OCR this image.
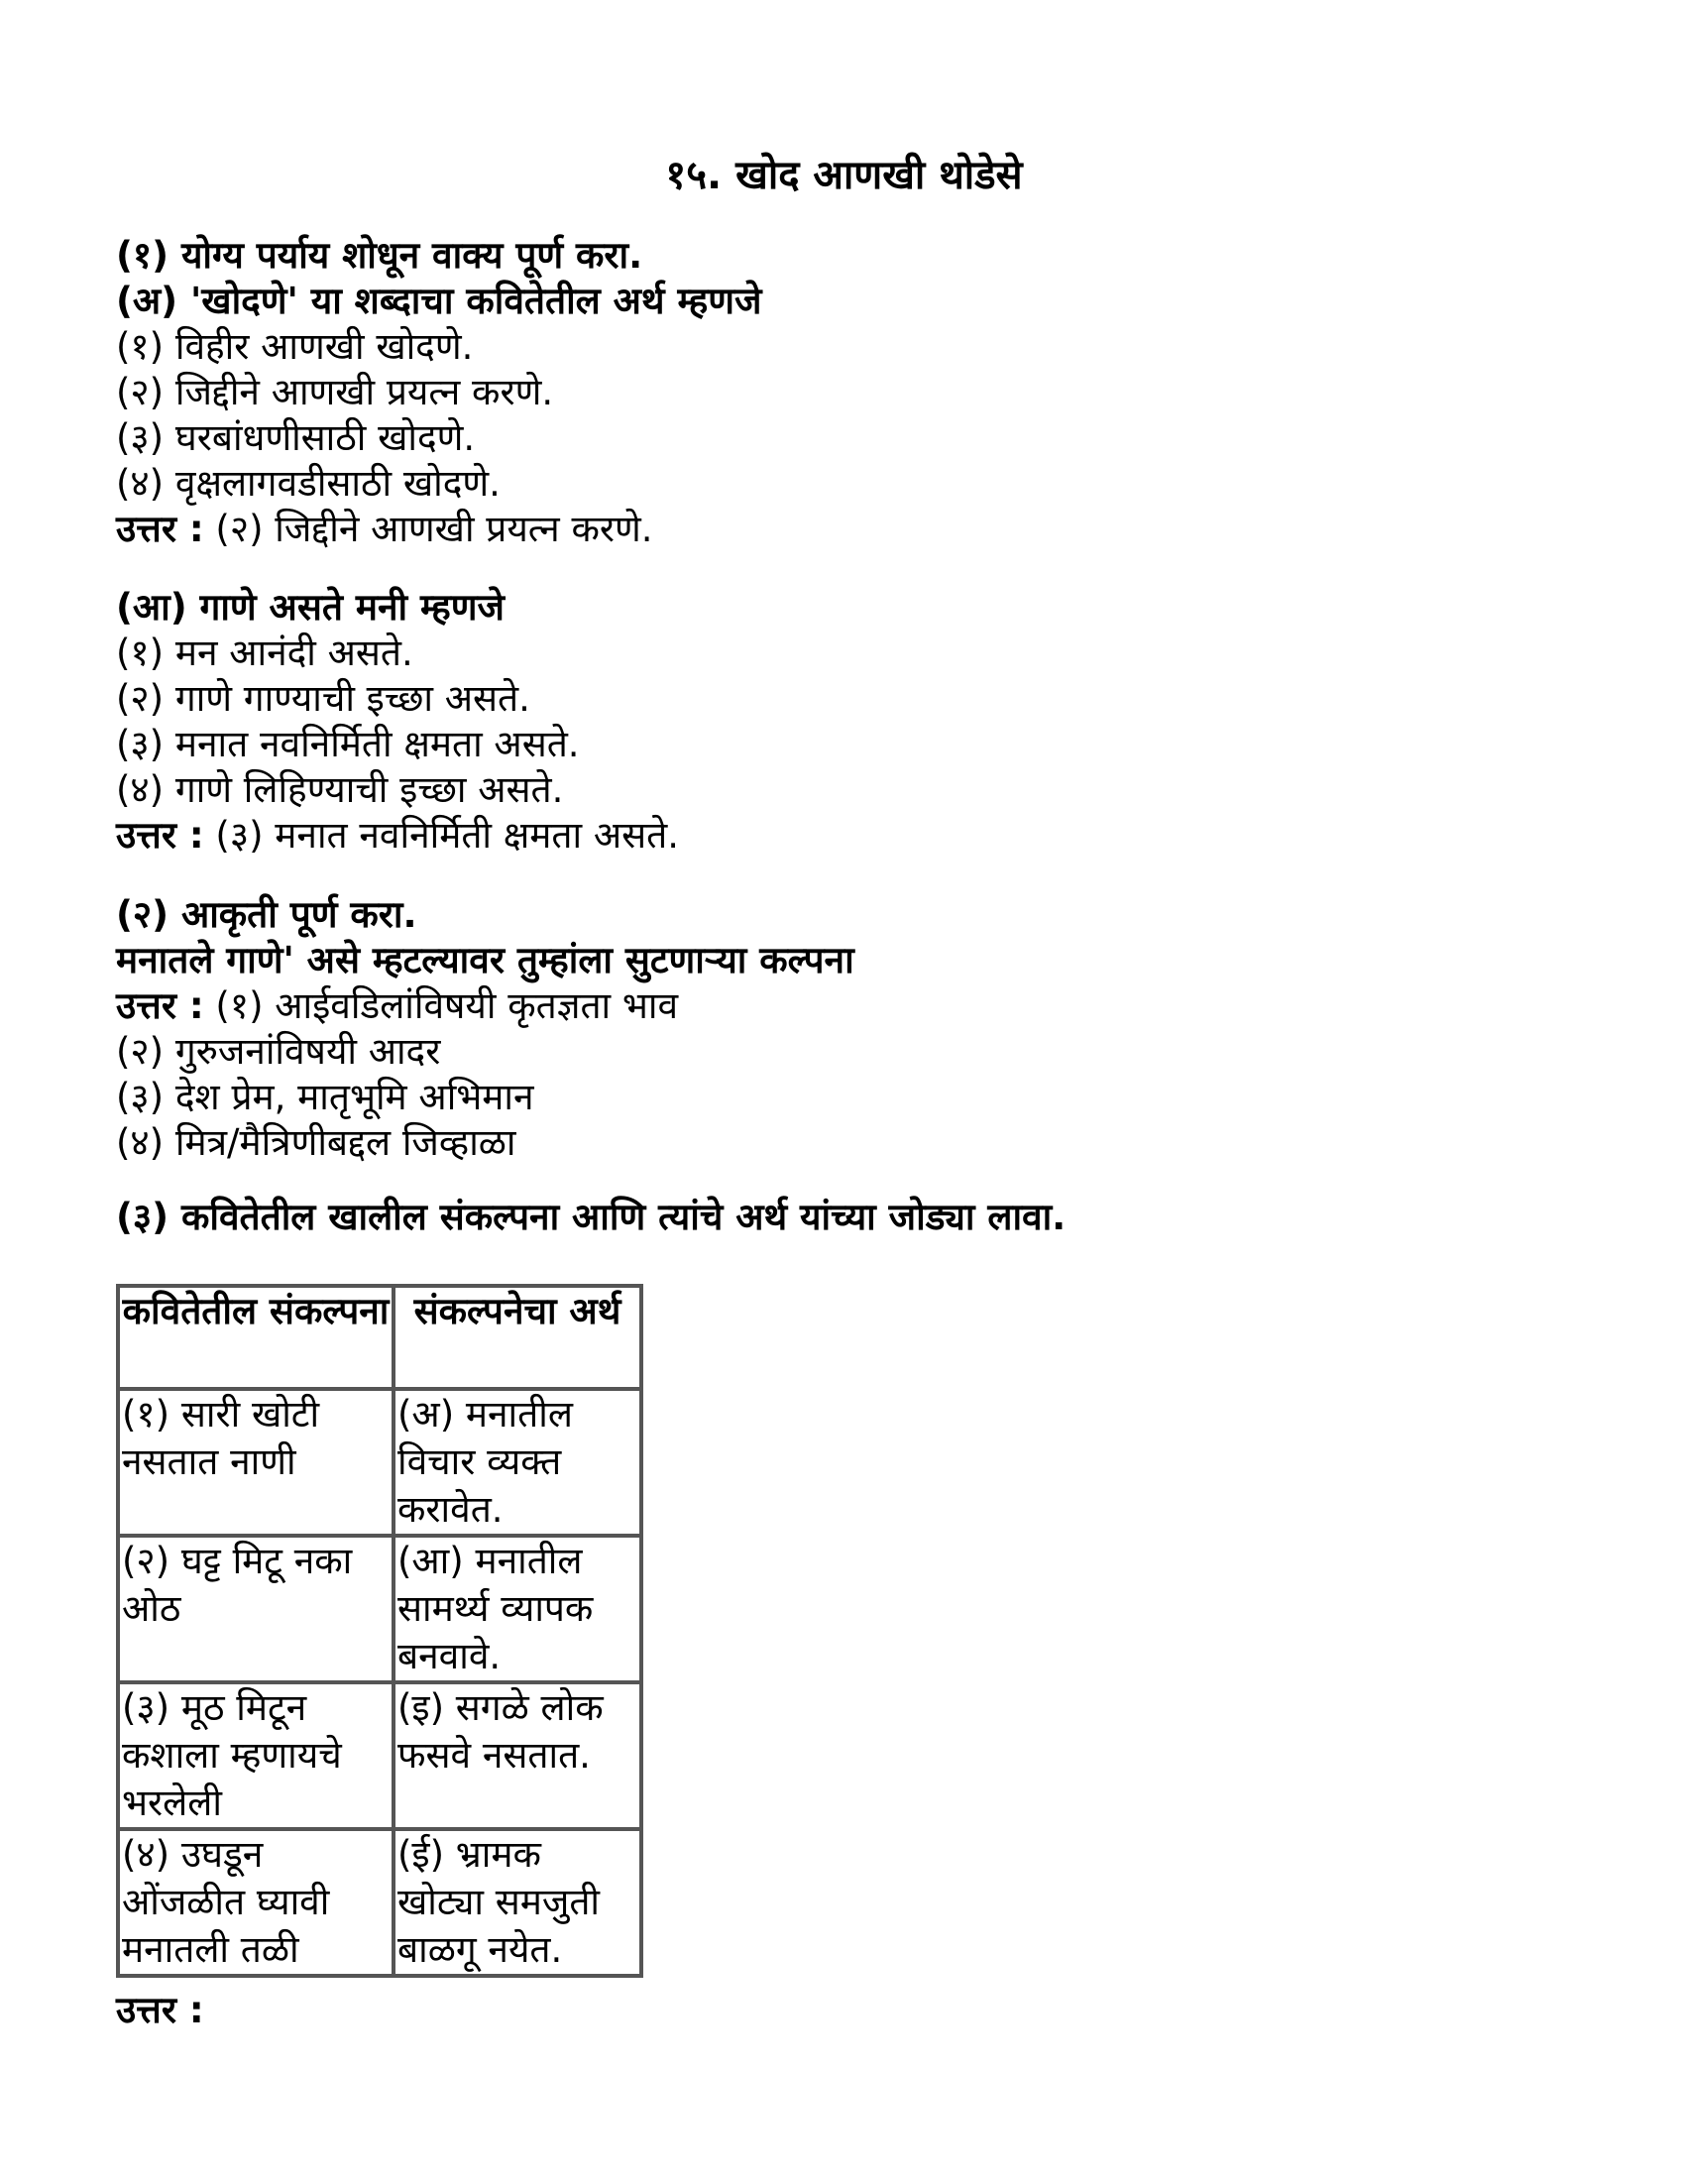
१५. खोद आणखी थोडेसे
(१) योग्य पर्याय शोधून वाक्य पूर्ण करा.
(अ) 'खोदणे' या शब्दाचा कवितेतील अर्थ म्हणजे
(१) विहीर आणखी खोदणे.
(२) जिद्दीने आणखी प्रयत्न करणे.
(३) घरबांधणीसाठी खोदणे.
(४) वृक्षलागवडीसाठी खोदणे.
उत्तर : (२) जिद्दीने आणखी प्रयत्न करणे.
(आ) गाणे असते मनी म्हणजे
(१) मन आनंदी असते.
(२) गाणे गाण्याची इच्छा असते.
(३) मनात नवनिर्मिती क्षमता असते.
(४) गाणे लिहिण्याची इच्छा असते.
उत्तर : (३) मनात नवनिर्मिती क्षमता असते.
(२) आकृती पूर्ण करा.
मनातले गाणे' असे म्हटल्यावर तुम्हांला सुटणाऱ्या कल्पना
उत्तर : (१) आईवडिलांविषयी कृतज्ञता भाव
(२) गुरुजनांविषयी आदर
(३) देश प्रेम, मातृभूमि अभिमान
(४) मित्र/मैत्रिणीबद्दल जिव्हाळा
(३) कवितेतील खालील संकल्पना आणि त्यांचे अर्थ यांच्या जोड्या लावा.
कवितेतील संकल्पना	संकल्पनेचा अर्थ

(१) सारी खोटी नसतात नाणी	(अ) मनातील विचार व्यक्त करावेत.

(२) घट्ट मिटू नका ओठ	(आ) मनातील सामर्थ्य व्यापक बनवावे.

(३) मूठ मिटून कशाला म्हणायचे भरलेली	(इ) सगळे लोक फसवे नसतात.

(४) उघडून ओंजळीत घ्यावी मनातली तळी	(ई) भ्रामक खोट्या समजुती बाळगू नयेत.
उत्तर :
